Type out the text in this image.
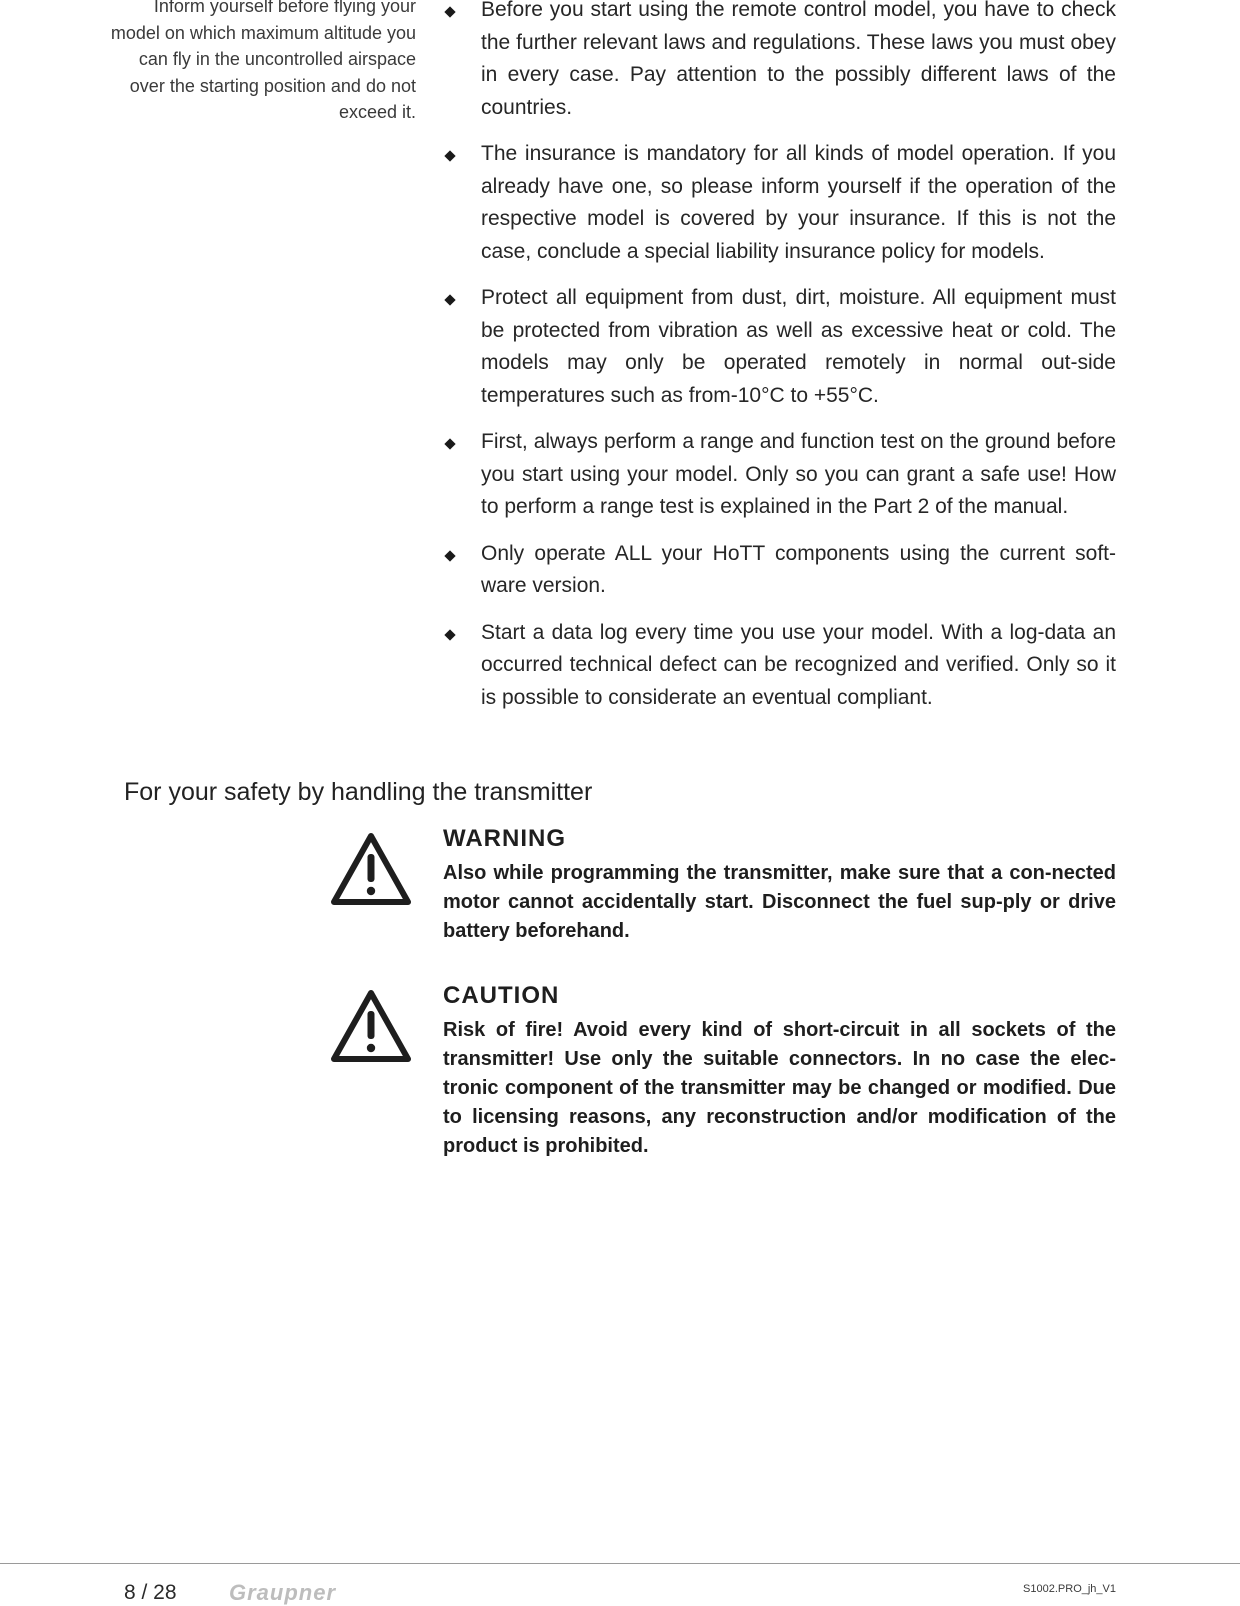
Inform yourself before flying your model on which maximum altitude you can fly in the uncontrolled airspace over the starting position and do not exceed it.

Before you start using the remote control model, you have to check the further relevant laws and regulations. These laws you must obey in every case. Pay attention to the possibly different laws of the countries.
The insurance is mandatory for all kinds of model operation. If you already have one, so please inform yourself if the operation of the respective model is covered by your insurance. If this is not the case, conclude a special liability insurance policy for models.
Protect all equipment from dust, dirt, moisture. All equipment must be protected from vibration as well as excessive heat or cold. The models may only be operated remotely in normal out-side temperatures such as from-10°C to +55°C.
First, always perform a range and function test on the ground before you start using your model. Only so you can grant a safe use! How to perform a range test is explained in the Part 2 of the manual.
Only operate ALL your HoTT components using the current soft-ware version.
Start a data log every time you use your model. With a log-data an occurred technical defect can be recognized and verified. Only so it is possible to considerate an eventual compliant.
For your safety by handling the transmitter
WARNING

Also while programming the transmitter, make sure that a con-nected motor cannot accidentally start. Disconnect the fuel sup-ply or drive battery beforehand.

CAUTION

Risk of fire! Avoid every kind of short-circuit in all sockets of the transmitter! Use only the suitable connectors. In no case the elec-tronic component of the transmitter may be changed or modified. Due to licensing reasons, any reconstruction and/or modification of the product is prohibited.

8 / 28 Graupner	S1002.PRO_jh_V1
